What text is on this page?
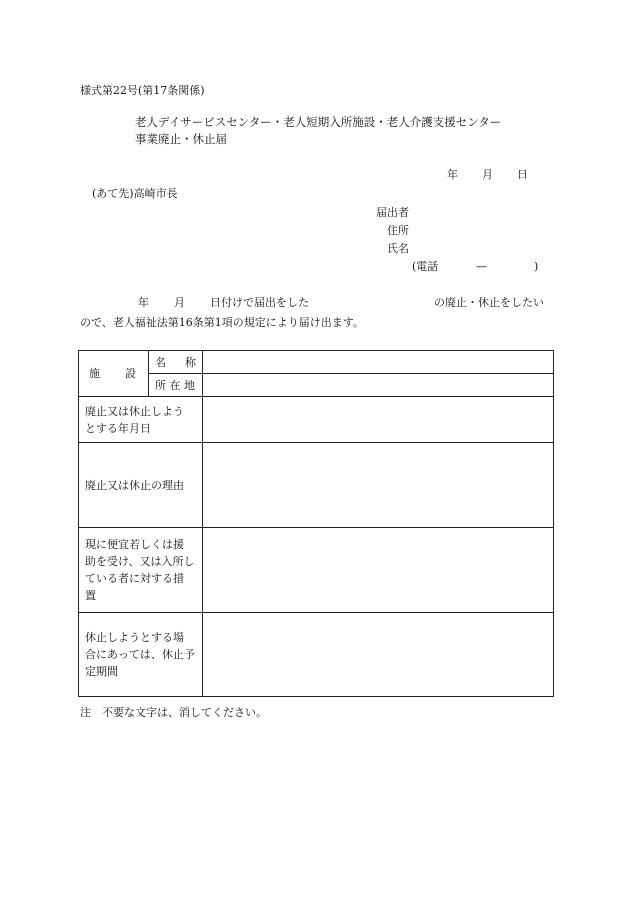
様式第22号(第17条関係)
老人デイサービスセンター・老人短期入所施設・老人介護支援センター
事業廃止・休止届
年 月 日
(あて先)高崎市長
届出者
住所
氏名
(電話	—	)
年 月 日付けで届出をした	の廃止・休止をしたい
ので、老人福祉法第16条第1項の規定により届け出ます。
施 設	名 称	

	所 在 地	

廃止又は休止しよう
とする年月日		

廃止又は休止の理由		

現に便宜若しくは援
助を受け、又は入所し
ている者に対する措
置		

休止しようとする場
合にあっては、休止予
定期間		

注　不要な文字は、消してください。
